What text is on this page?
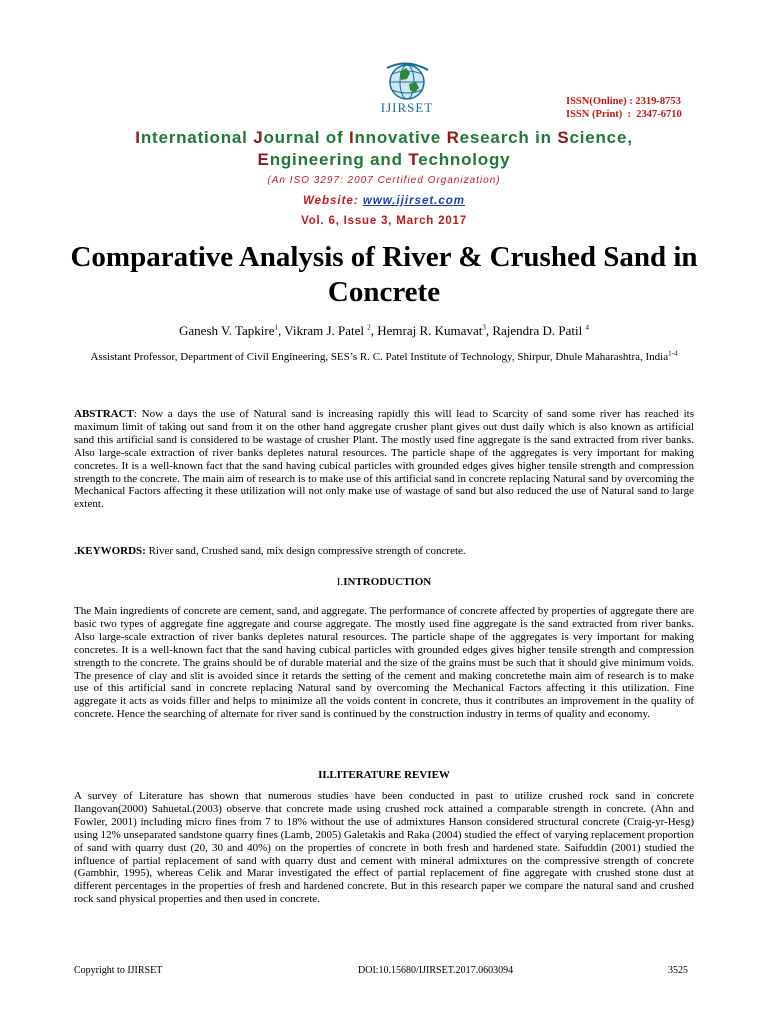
IJIRSET	ISSN(Online) : 2319-8753
ISSN (Print)  :  2347-6710
International Journal of Innovative Research in Science,
Engineering and Technology
(An ISO 3297: 2007 Certified Organization)
Website: www.ijirset.com
Vol. 6, Issue 3, March 2017
Comparative Analysis of River & Crushed Sand in Concrete
Ganesh V. Tapkire$^1$, Vikram J. Patel $^2$, Hemraj R. Kumavat$^3$, Rajendra D. Patil $^4$
Assistant Professor, Department of Civil Engineering, SES’s R. C. Patel Institute of Technology, Shirpur, Dhule Maharashtra, India$^{1-4}$
ABSTRACT: Now a days the use of Natural sand is increasing rapidly this will lead to Scarcity of sand some river has reached its maximum limit of taking out sand from it on the other hand aggregate crusher plant gives out dust daily which is also known as artificial sand this artificial sand is considered to be wastage of crusher Plant. The mostly used fine aggregate is the sand extracted from river banks. Also large-scale extraction of river banks depletes natural resources. The particle shape of the aggregates is very important for making concretes. It is a well-known fact that the sand having cubical particles with grounded edges gives higher tensile strength and compression strength to the concrete. The main aim of research is to make use of this artificial sand in concrete replacing Natural sand by overcoming the Mechanical Factors affecting it these utilization will not only make use of wastage of sand but also reduced the use of Natural sand to large extent.
.KEYWORDS: River sand, Crushed sand, mix design compressive strength of concrete.
I.INTRODUCTION
The Main ingredients of concrete are cement, sand, and aggregate. The performance of concrete affected by properties of aggregate there are basic two types of aggregate fine aggregate and course aggregate. The mostly used fine aggregate is the sand extracted from river banks. Also large-scale extraction of river banks depletes natural resources. The particle shape of the aggregates is very important for making concretes. It is a well-known fact that the sand having cubical particles with grounded edges gives higher tensile strength and compression strength to the concrete. The grains should be of durable material and the size of the grains must be such that it should give minimum voids. The presence of clay and slit is avoided since it retards the setting of the cement and making concretethe main aim of research is to make use of this artificial sand in concrete replacing Natural sand by overcoming the Mechanical Factors affecting it this utilization. Fine aggregate it acts as voids filler and helps to minimize all the voids content in concrete, thus it contributes an improvement in the quality of concrete. Hence the searching of alternate for river sand is continued by the construction industry in terms of quality and economy.
II.LITERATURE REVIEW
A survey of Literature has shown that numerous studies have been conducted in past to utilize crushed rock sand in concrete Ilangovan(2000) Sahuetal.(2003) observe that concrete made using crushed rock attained a comparable strength in concrete. (Ahn and Fowler, 2001) including micro fines from 7 to 18% without the use of admixtures Hanson considered structural concrete (Craig-yr-Hesg) using 12% unseparated sandstone quarry fines (Lamb, 2005) Galetakis and Raka (2004) studied the effect of varying replacement proportion of sand with quarry dust (20, 30 and 40%) on the properties of concrete in both fresh and hardened state. Saifuddin (2001) studied the influence of partial replacement of sand with quarry dust and cement with mineral admixtures on the compressive strength of concrete (Gambhir, 1995), whereas Celik and Marar investigated the effect of partial replacement of fine aggregate with crushed stone dust at different percentages in the properties of fresh and hardened concrete. But in this research paper we compare the natural sand and crushed rock sand physical properties and then used in concrete.
Copyright to IJIRSET	DOI:10.15680/IJIRSET.2017.0603094	3525
